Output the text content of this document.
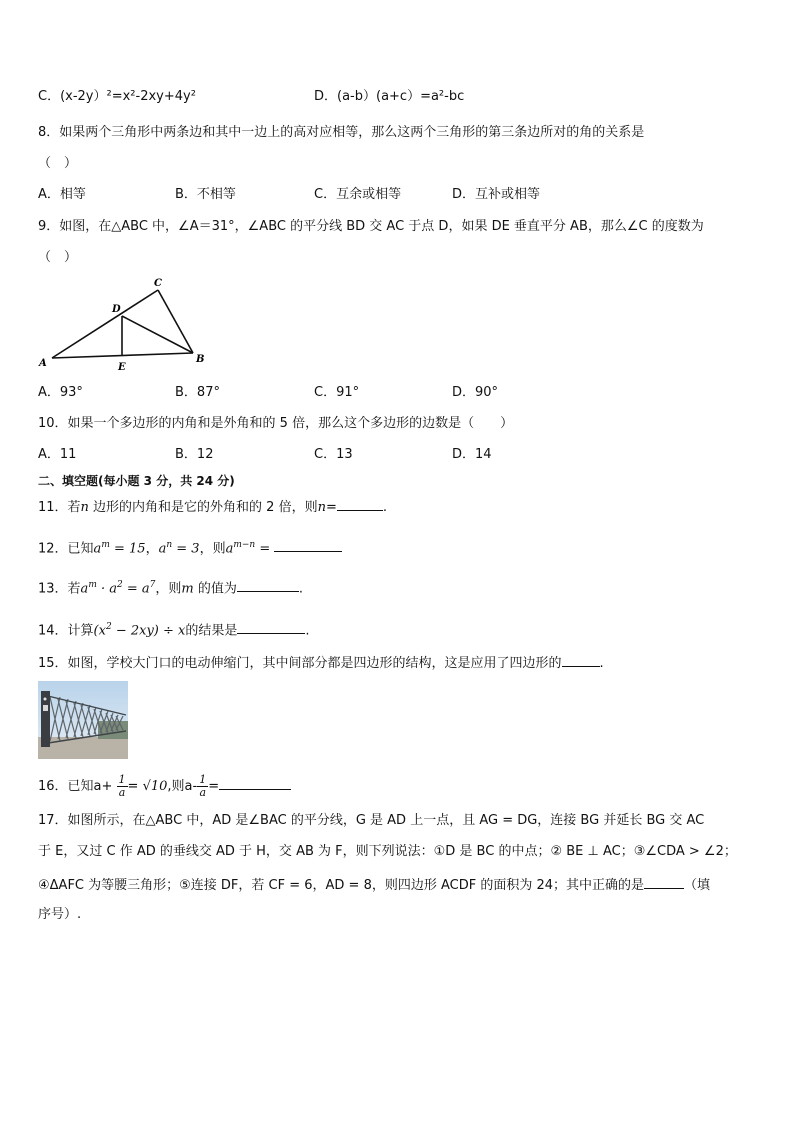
C．(x-2y）²=x²-2xy+4y²	D．(a-b）(a+c）=a²-bc
8．如果两个三角形中两条边和其中一边上的高对应相等，那么这两个三角形的第三条边所对的角的关系是
（　）
A．相等	B．不相等	C．互余或相等	D．互补或相等
9．如图，在△ABC 中，∠A＝31°，∠ABC 的平分线 BD 交 AC 于点 D，如果 DE 垂直平分 AB，那么∠C 的度数为
（　）
A	B
C
D
E
A．93°	B．87°	C．91°	D．90°
10．如果一个多边形的内角和是外角和的 5 倍，那么这个多边形的边数是（　　）
A．11	B．12	C．13	D．14
二、填空题(每小题 3 分，共 24 分)
11．若n 边形的内角和是它的外角和的 2 倍，则n=	.
12．已知$a^m = 15$，$a^n = 3$，则$a^{m-n}$ =
13．若$a^m \cdot a^2 = a^7$，则m 的值为	.
14．计算$(x^2 - 2xy) \div x$的结果是	.
15．如图，学校大门口的电动伸缩门，其中间部分都是四边形的结构，这是应用了四边形的	.
16．已知$a+ \frac{1}{a} = √10$,则$a- \frac{1}{a}$ =
17．如图所示，在△ABC 中，AD 是∠BAC 的平分线，G 是 AD 上一点，且 AG = DG，连接 BG 并延长 BG 交 AC
于 E，又过 C 作 AD 的垂线交 AD 于 H，交 AB 为 F，则下列说法：①D 是 BC 的中点；② BE ⊥ AC；③∠CDA > ∠2；
④ΔAFC 为等腰三角形；⑤连接 DF，若 CF = 6，AD = 8，则四边形 ACDF 的面积为 24；其中正确的是	（填
序号）.
